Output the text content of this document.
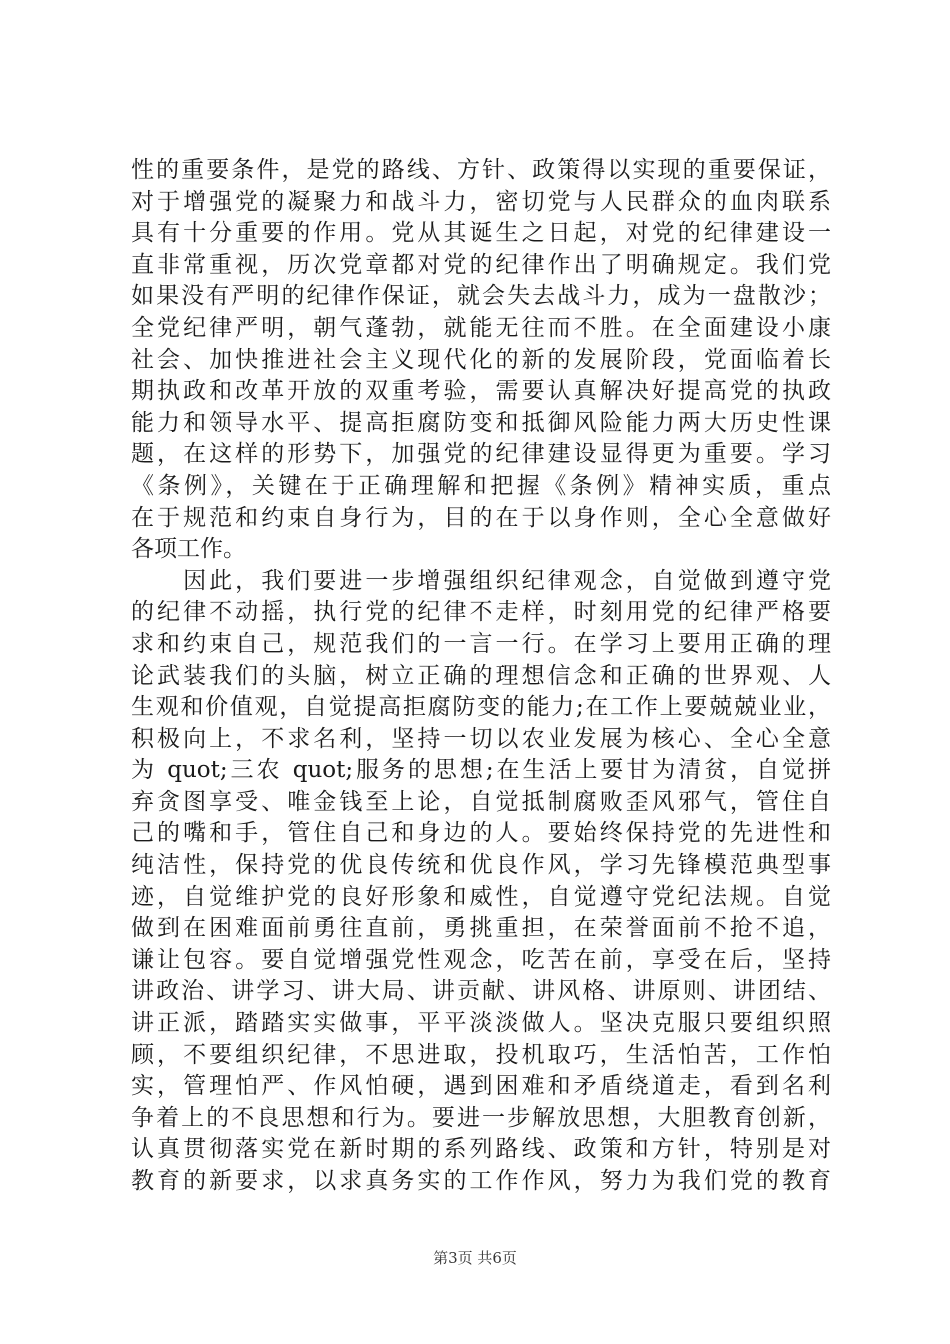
性的重要条件，是党的路线、方针、政策得以实现的重要保证，
对于增强党的凝聚力和战斗力，密切党与人民群众的血肉联系
具有十分重要的作用。党从其诞生之日起，对党的纪律建设一
直非常重视，历次党章都对党的纪律作出了明确规定。我们党
如果没有严明的纪律作保证，就会失去战斗力，成为一盘散沙；
全党纪律严明，朝气蓬勃，就能无往而不胜。在全面建设小康
社会、加快推进社会主义现代化的新的发展阶段，党面临着长
期执政和改革开放的双重考验，需要认真解决好提高党的执政
能力和领导水平、提高拒腐防变和抵御风险能力两大历史性课
题，在这样的形势下，加强党的纪律建设显得更为重要。学习
《条例》，关键在于正确理解和把握《条例》精神实质，重点
在于规范和约束自身行为，目的在于以身作则，全心全意做好
各项工作。
　　因此，我们要进一步增强组织纪律观念，自觉做到遵守党
的纪律不动摇，执行党的纪律不走样，时刻用党的纪律严格要
求和约束自己，规范我们的一言一行。在学习上要用正确的理
论武装我们的头脑，树立正确的理想信念和正确的世界观、人
生观和价值观，自觉提高拒腐防变的能力;在工作上要兢兢业业，
积极向上，不求名利，坚持一切以农业发展为核心、全心全意
为 quot;三农 quot;服务的思想;在生活上要甘为清贫，自觉拼
弃贪图享受、唯金钱至上论，自觉抵制腐败歪风邪气，管住自
己的嘴和手，管住自己和身边的人。要始终保持党的先进性和
纯洁性，保持党的优良传统和优良作风，学习先锋模范典型事
迹，自觉维护党的良好形象和威性，自觉遵守党纪法规。自觉
做到在困难面前勇往直前，勇挑重担，在荣誉面前不抢不追，
谦让包容。要自觉增强党性观念，吃苦在前，享受在后，坚持
讲政治、讲学习、讲大局、讲贡献、讲风格、讲原则、讲团结、
讲正派，踏踏实实做事，平平淡淡做人。坚决克服只要组织照
顾，不要组织纪律，不思进取，投机取巧，生活怕苦，工作怕
实，管理怕严、作风怕硬，遇到困难和矛盾绕道走，看到名利
争着上的不良思想和行为。要进一步解放思想，大胆教育创新，
认真贯彻落实党在新时期的系列路线、政策和方针，特别是对
教育的新要求，以求真务实的工作作风，努力为我们党的教育
第3页 共6页
